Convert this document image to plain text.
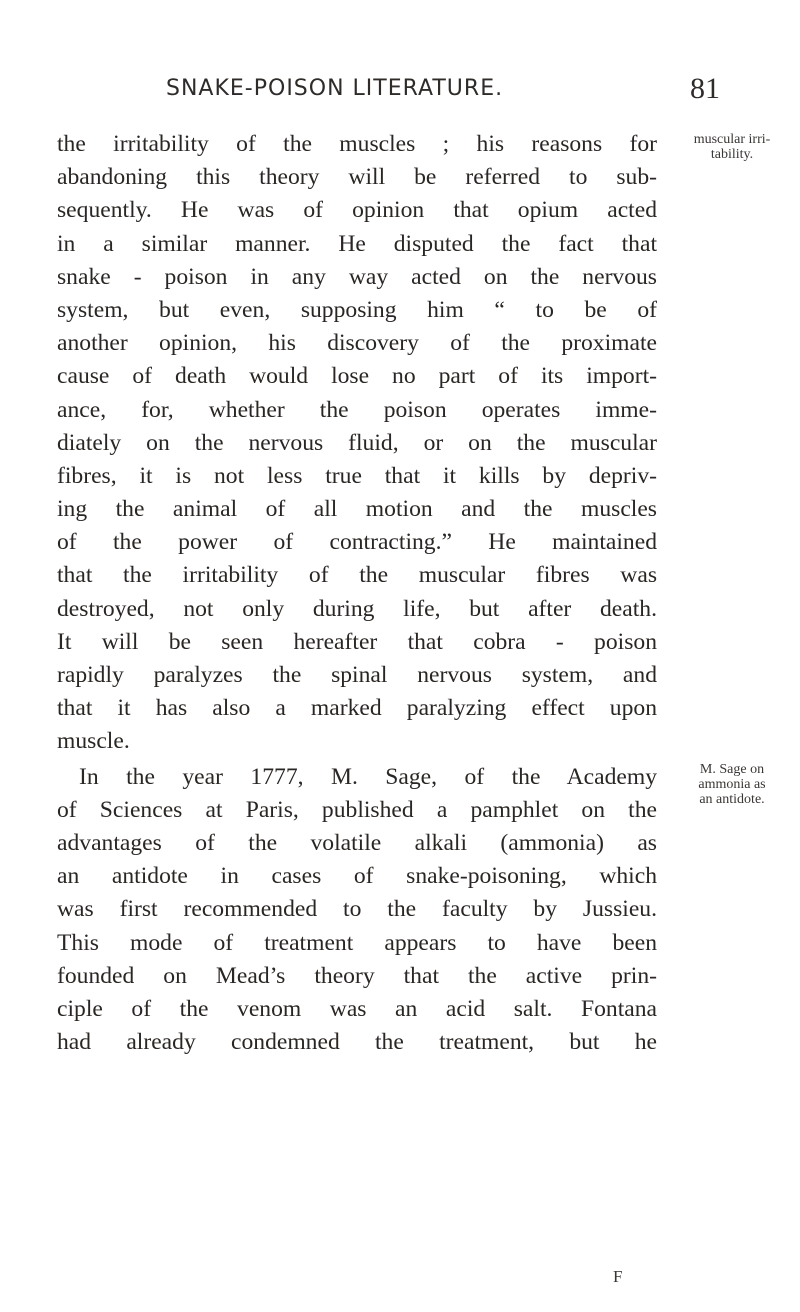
SNAKE-POISON LITERATURE.	81
muscular irri-
tability.
M. Sage on
ammonia as
an antidote.
the irritability of the muscles ; his reasons for
abandoning this theory will be referred to sub-
sequently. He was of opinion that opium acted
in a similar manner. He disputed the fact that
snake - poison in any way acted on the nervous
system, but even, supposing him “ to be of
another opinion, his discovery of the proximate
cause of death would lose no part of its import-
ance, for, whether the poison operates imme-
diately on the nervous fluid, or on the muscular
fibres, it is not less true that it kills by depriv-
ing the animal of all motion and the muscles
of the power of contracting.” He maintained
that the irritability of the muscular fibres was
destroyed, not only during life, but after death.
It will be seen hereafter that cobra - poison
rapidly paralyzes the spinal nervous system, and
that it has also a marked paralyzing effect upon
muscle.
In the year 1777, M. Sage, of the Academy
of Sciences at Paris, published a pamphlet on the
advantages of the volatile alkali (ammonia) as
an antidote in cases of snake-poisoning, which
was first recommended to the faculty by Jussieu.
This mode of treatment appears to have been
founded on Mead’s theory that the active prin-
ciple of the venom was an acid salt. Fontana
had already condemned the treatment, but he
F
